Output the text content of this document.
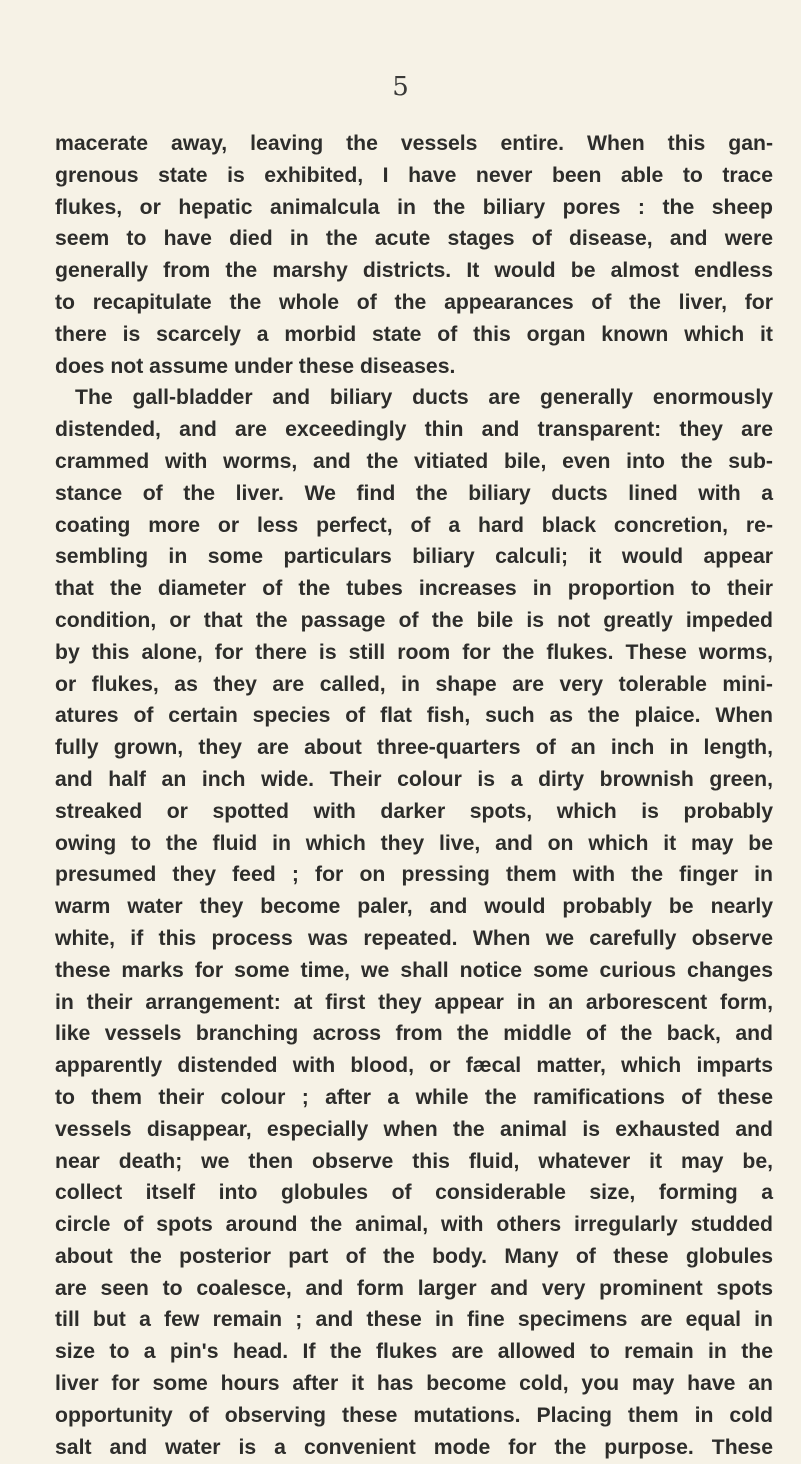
5
macerate away, leaving the vessels entire. When this gan-
grenous state is exhibited, I have never been able to trace
flukes, or hepatic animalcula in the biliary pores : the sheep
seem to have died in the acute stages of disease, and were
generally from the marshy districts. It would be almost endless
to recapitulate the whole of the appearances of the liver, for
there is scarcely a morbid state of this organ known which it
does not assume under these diseases.
The gall-bladder and biliary ducts are generally enormously
distended, and are exceedingly thin and transparent: they are
crammed with worms, and the vitiated bile, even into the sub-
stance of the liver. We find the biliary ducts lined with a
coating more or less perfect, of a hard black concretion, re-
sembling in some particulars biliary calculi; it would appear
that the diameter of the tubes increases in proportion to their
condition, or that the passage of the bile is not greatly impeded
by this alone, for there is still room for the flukes. These worms,
or flukes, as they are called, in shape are very tolerable mini-
atures of certain species of flat fish, such as the plaice. When
fully grown, they are about three-quarters of an inch in length,
and half an inch wide. Their colour is a dirty brownish green,
streaked or spotted with darker spots, which is probably
owing to the fluid in which they live, and on which it may be
presumed they feed ; for on pressing them with the finger in
warm water they become paler, and would probably be nearly
white, if this process was repeated. When we carefully observe
these marks for some time, we shall notice some curious changes
in their arrangement: at first they appear in an arborescent form,
like vessels branching across from the middle of the back, and
apparently distended with blood, or fæcal matter, which imparts
to them their colour ; after a while the ramifications of these
vessels disappear, especially when the animal is exhausted and
near death; we then observe this fluid, whatever it may be,
collect itself into globules of considerable size, forming a
circle of spots around the animal, with others irregularly studded
about the posterior part of the body. Many of these globules
are seen to coalesce, and form larger and very prominent spots
till but a few remain ; and these in fine specimens are equal in
size to a pin's head. If the flukes are allowed to remain in the
liver for some hours after it has become cold, you may have an
opportunity of observing these mutations. Placing them in cold
salt and water is a convenient mode for the purpose. These
